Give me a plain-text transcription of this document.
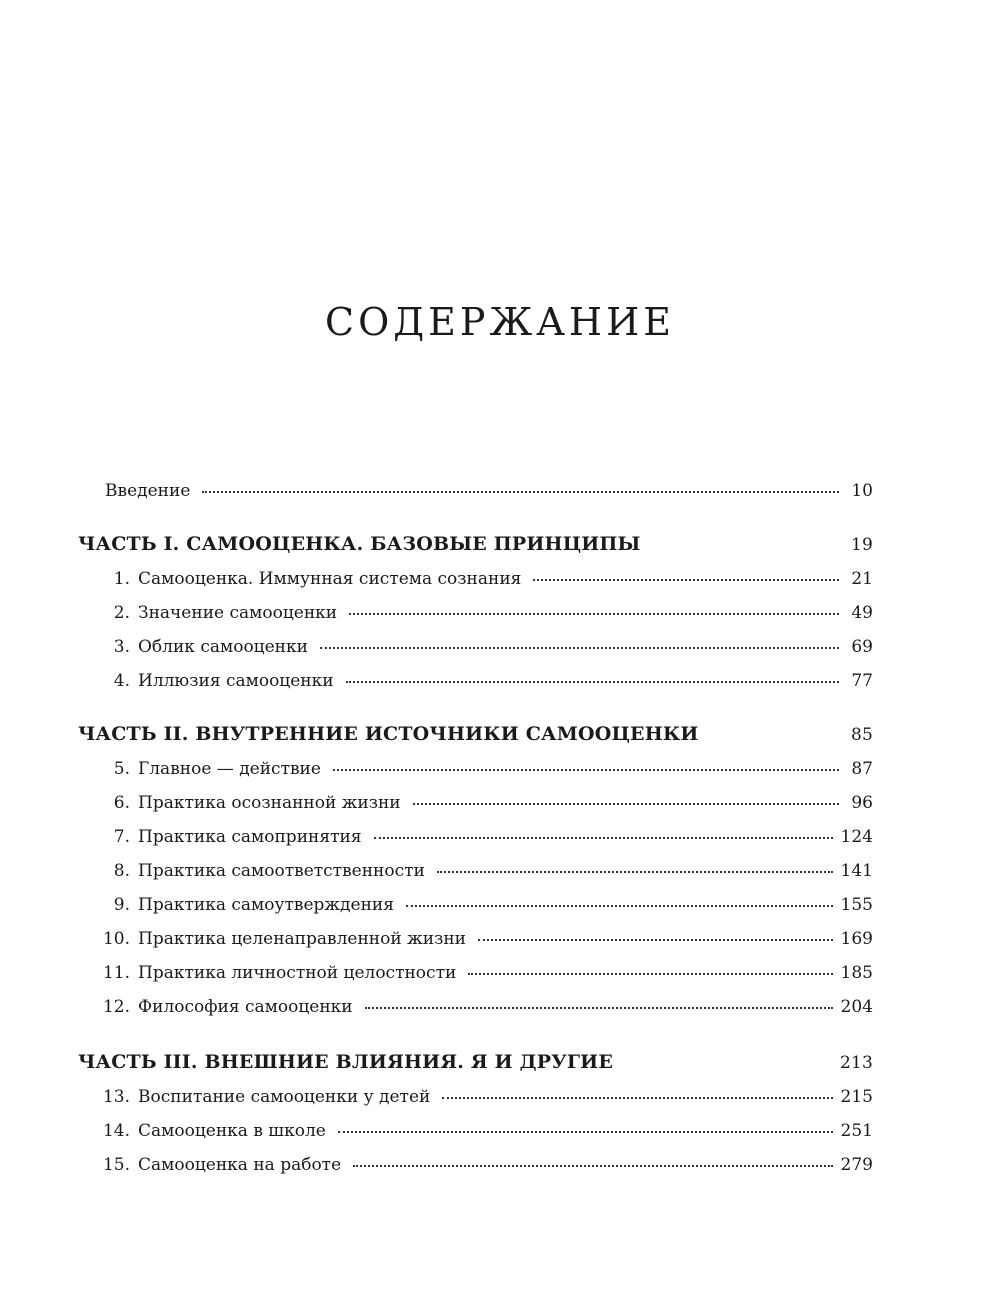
СОДЕРЖАНИЕ
Введение	10
ЧАСТЬ I. САМООЦЕНКА. БАЗОВЫЕ ПРИНЦИПЫ	19
1. Самооценка. Иммунная система сознания	21
2. Значение самооценки	49
3. Облик самооценки	69
4. Иллюзия самооценки	77
ЧАСТЬ II. ВНУТРЕННИЕ ИСТОЧНИКИ САМООЦЕНКИ	85
5. Главное — действие	87
6. Практика осознанной жизни	96
7. Практика самопринятия	124
8. Практика самоответственности	141
9. Практика самоутверждения	155
10. Практика целенаправленной жизни	169
11. Практика личностной целостности	185
12. Философия самооценки	204
ЧАСТЬ III. ВНЕШНИЕ ВЛИЯНИЯ. Я И ДРУГИЕ	213
13. Воспитание самооценки у детей	215
14. Самооценка в школе	251
15. Самооценка на работе	279
